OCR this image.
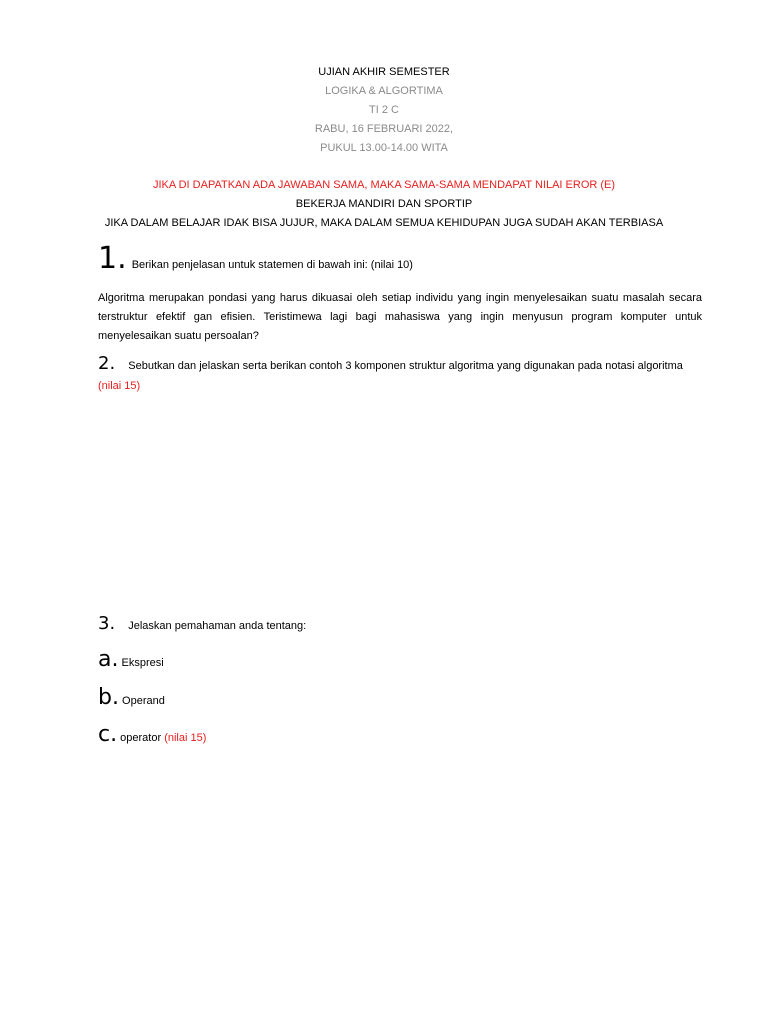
UJIAN AKHIR SEMESTER
LOGIKA & ALGORTIMA
TI 2 C
RABU, 16 FEBRUARI 2022,
PUKUL 13.00-14.00 WITA
JIKA DI DAPATKAN ADA JAWABAN SAMA, MAKA SAMA-SAMA MENDAPAT NILAI EROR (E)
BEKERJA MANDIRI DAN SPORTIP
JIKA DALAM BELAJAR IDAK BISA JUJUR, MAKA DALAM SEMUA KEHIDUPAN JUGA SUDAH AKAN TERBIASA
1. Berikan penjelasan untuk statemen di bawah ini: (nilai 10)
Algoritma merupakan pondasi yang harus dikuasai oleh setiap individu yang ingin menyelesaikan suatu masalah secara terstruktur efektif gan efisien. Teristimewa lagi bagi mahasiswa yang ingin menyusun program komputer untuk menyelesaikan suatu persoalan?
2. Sebutkan dan jelaskan serta berikan contoh 3 komponen struktur algoritma yang digunakan pada notasi algoritma
(nilai 15)
3. Jelaskan pemahaman anda tentang:
a. Ekspresi
b. Operand
c. operator (nilai 15)
